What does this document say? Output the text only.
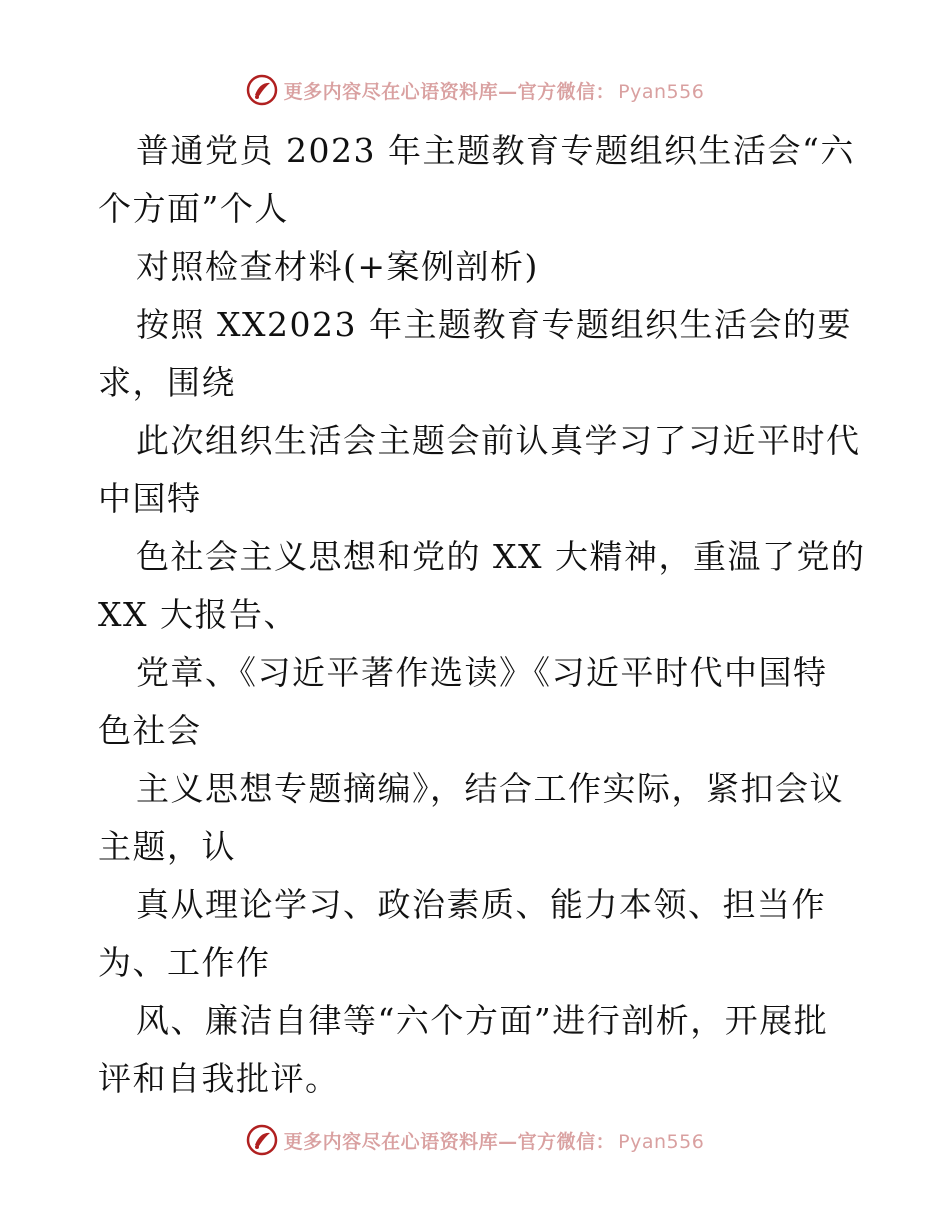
更多内容尽在心语资料库—官方微信： Pyan556
普通党员 2023 年主题教育专题组织生活会“六
个方面”个人
对照检查材料(+案例剖析)
按照 XX2023 年主题教育专题组织生活会的要
求，围绕
此次组织生活会主题会前认真学习了习近平时代
中国特
色社会主义思想和党的 XX 大精神，重温了党的
XX 大报告、
党章、《习近平著作选读》《习近平时代中国特
色社会
主义思想专题摘编》，结合工作实际，紧扣会议
主题，认
真从理论学习、政治素质、能力本领、担当作
为、工作作
风、廉洁自律等“六个方面”进行剖析，开展批
评和自我批评。
更多内容尽在心语资料库—官方微信： Pyan556
